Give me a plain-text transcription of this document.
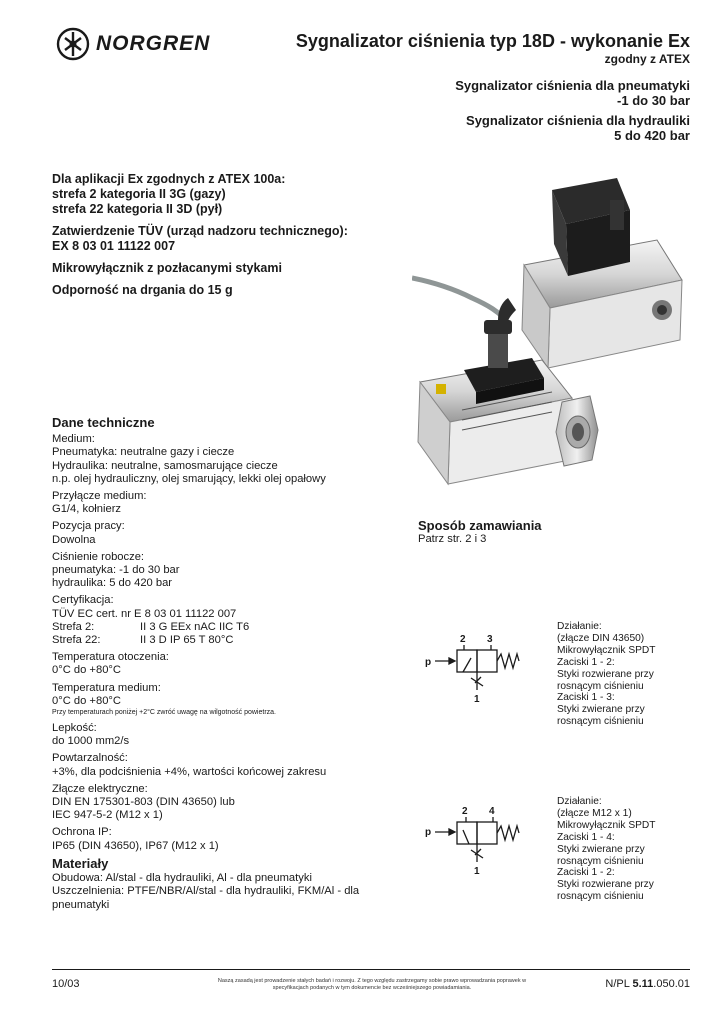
NORGREN	Sygnalizator ciśnienia typ 18D - wykonanie Ex
zgodny z ATEX
Sygnalizator ciśnienia dla pneumatyki
-1 do 30 bar
Sygnalizator ciśnienia dla hydrauliki
5 do 420 bar

Dla aplikacji Ex zgodnych z ATEX 100a:
strefa 2 kategoria II 3G (gazy)
strefa 22 kategoria II 3D (pył)

Zatwierdzenie TÜV (urząd nadzoru technicznego):
EX 8 03 01 11122 007

Mikrowyłącznik z pozłacanymi stykami

Odporność na drgania do 15 g

Dane techniczne
Medium:
Pneumatyka: neutralne gazy i ciecze
Hydraulika: neutralne, samosmarujące ciecze
n.p. olej hydrauliczny, olej smarujący, lekki olej opałowy
Przyłącze medium:
G1/4, kołnierz
Pozycja pracy:
Dowolna
Ciśnienie robocze:
pneumatyka: -1 do 30 bar
hydraulika: 5 do 420 bar
Certyfikacja:
TÜV EC cert. nr E 8 03 01 11122 007
Strefa 2:	II 3 G EEx nAC IIC T6
Strefa 22:	II 3 D IP 65 T 80°C
Temperatura otoczenia:
0°C do +80°C
Temperatura medium:
0°C do +80°C
Przy temperaturach poniżej +2°C zwróć uwagę na wilgotność powietrza.
Lepkość:
do 1000 mm2/s
Powtarzalność:
+3%, dla podciśnienia +4%, wartości końcowej zakresu
Złącze elektryczne:
DIN EN 175301-803 (DIN 43650) lub
IEC 947-5-2 (M12 x 1)
Ochrona IP:
IP65 (DIN 43650), IP67 (M12 x 1)
Materiały
Obudowa: Al/stal - dla hydrauliki, Al - dla pneumatyki
Uszczelnienia: PTFE/NBR/Al/stal - dla hydrauliki, FKM/Al - dla pneumatyki
Sposób zamawiania
Patrz str. 2 i 3
p
2 3
1
Działanie:
(złącze DIN 43650)
Mikrowyłącznik SPDT
Zaciski 1 - 2:
Styki rozwierane przy
rosnącym ciśnieniu
Zaciski 1 - 3:
Styki zwierane przy
rosnącym ciśnieniu
p
2 4
1
Działanie:
(złącze M12 x 1)
Mikrowyłącznik SPDT
Zaciski 1 - 4:
Styki zwierane przy
rosnącym ciśnieniu
Zaciski 1 - 2:
Styki rozwierane przy
rosnącym ciśnieniu
10/03	Naszą zasadą jest prowadzenie stałych badań i rozwoju. Z tego względu zastrzegamy sobie prawo wprowadzania poprawek w specyfikacjach podanych w tym dokumencie bez wcześniejszego powiadamiania.	N/PL 5.11.050.01
